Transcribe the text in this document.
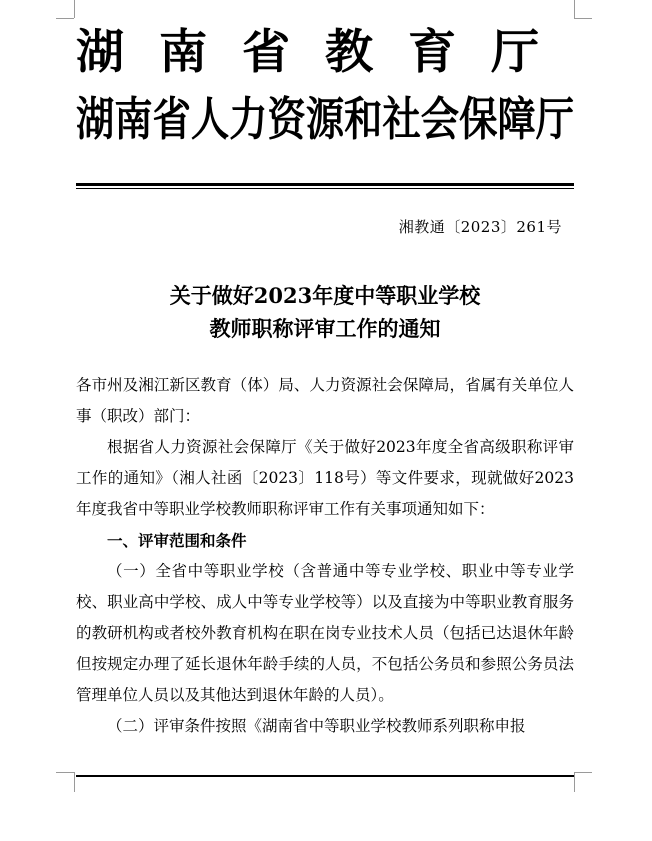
湖南省教育厅
湖南省人力资源和社会保障厅
湘教通〔2023〕261号
关于做好2023年度中等职业学校
教师职称评审工作的通知

各市州及湘江新区教育（体）局、人力资源社会保障局，省属有关单位人事（职改）部门：

根据省人力资源社会保障厅《关于做好2023年度全省高级职称评审工作的通知》（湘人社函〔2023〕118号）等文件要求，现就做好2023年度我省中等职业学校教师职称评审工作有关事项通知如下：

一、评审范围和条件

（一）全省中等职业学校（含普通中等专业学校、职业中等专业学校、职业高中学校、成人中等专业学校等）以及直接为中等职业教育服务的教研机构或者校外教育机构在职在岗专业技术人员（包括已达退休年龄但按规定办理了延长退休年龄手续的人员，不包括公务员和参照公务员法管理单位人员以及其他达到退休年龄的人员）。

（二）评审条件按照《湖南省中等职业学校教师系列职称申报
